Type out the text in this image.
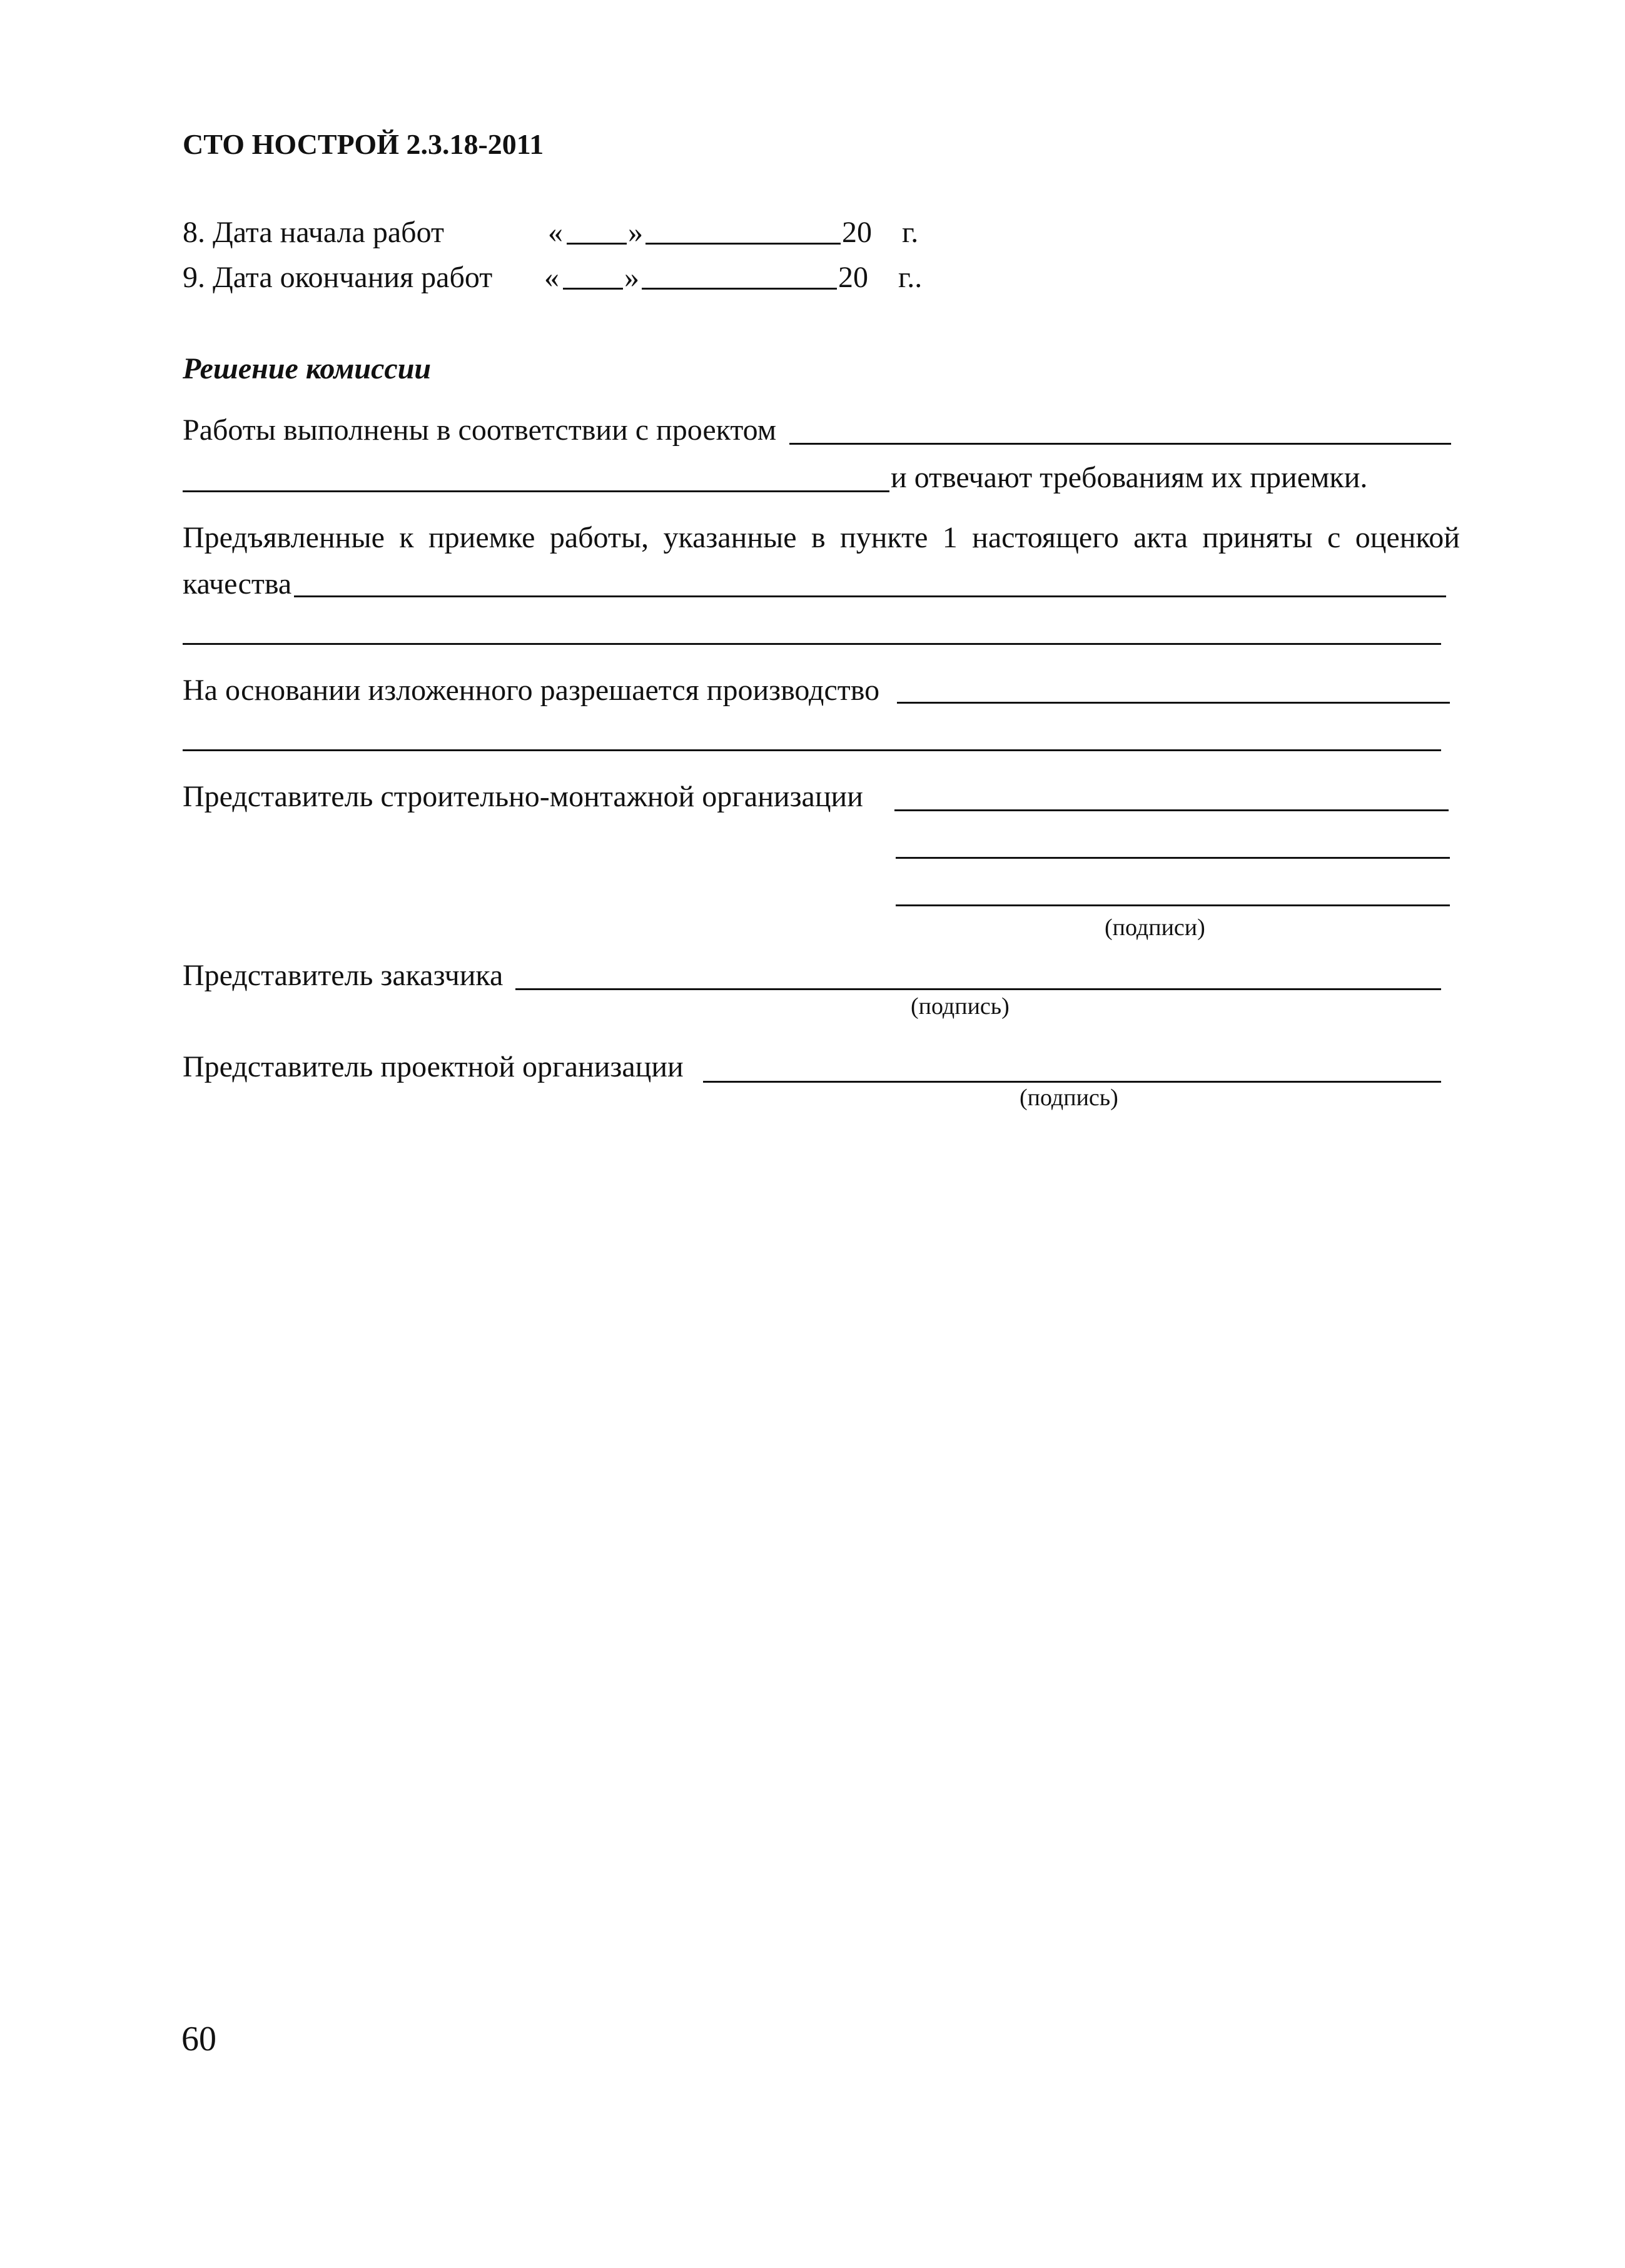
СТО НОСТРОЙ 2.3.18-2011
8. Дата начала работ	« »	20 г.
9. Дата окончания работ « »	20 г..
Решение комиссии
Работы выполнены в соответствии с проектом
и отвечают требованиям их приемки.
Предъявленные к приемке работы, указанные в пункте 1 настоящего акта приняты с оценкой
качества
На основании изложенного разрешается производство
Представитель строительно-монтажной организации
(подписи)
Представитель заказчика
(подпись)
Представитель проектной организации
(подпись)
60
